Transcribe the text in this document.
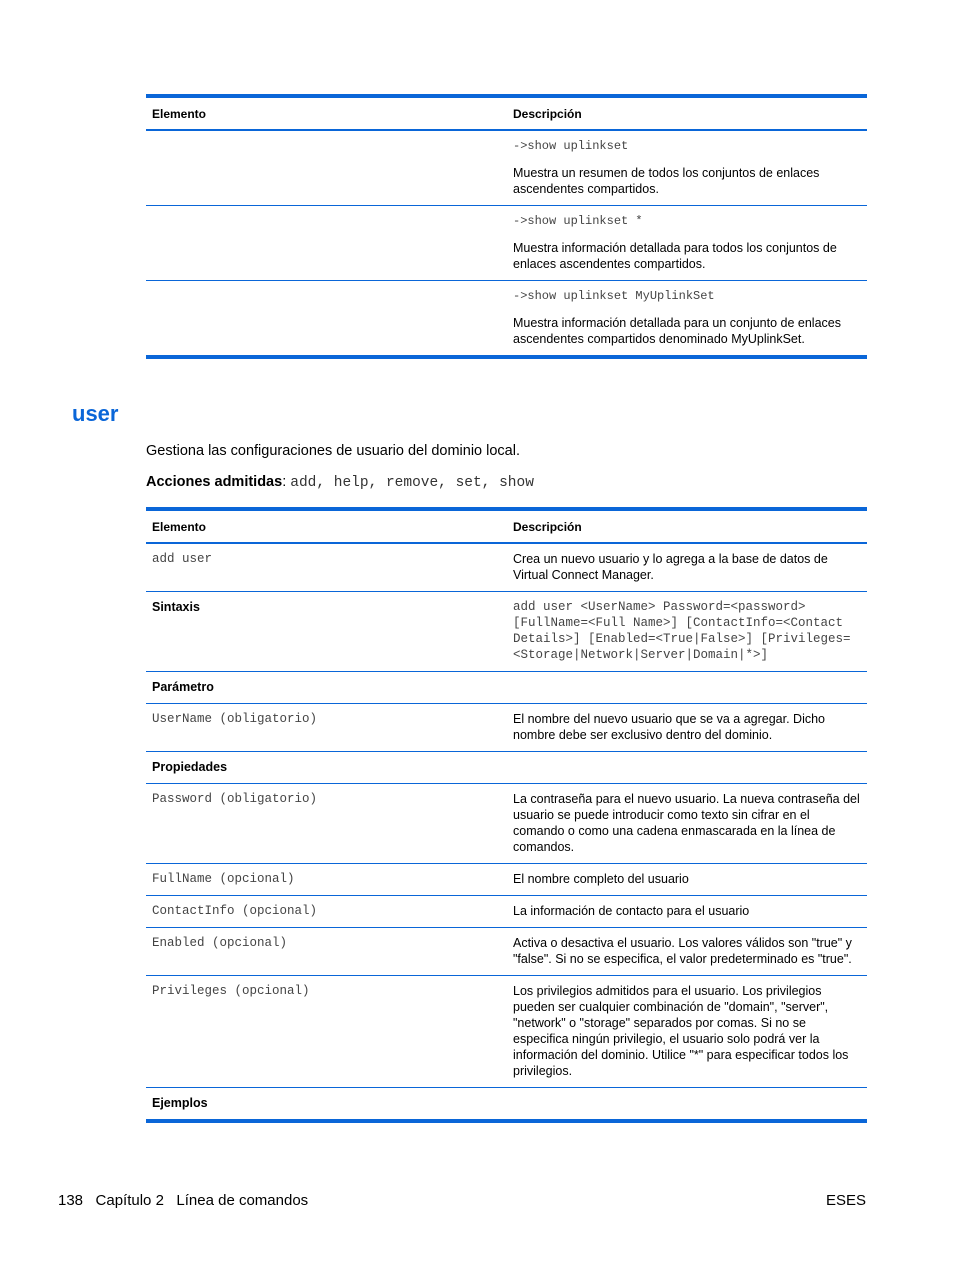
Elemento	Descripción

	->show uplinkset
Muestra un resumen de todos los conjuntos de enlaces ascendentes compartidos.

	->show uplinkset *
Muestra información detallada para todos los conjuntos de enlaces ascendentes compartidos.

	->show uplinkset MyUplinkSet
Muestra información detallada para un conjunto de enlaces ascendentes compartidos denominado MyUplinkSet.
user
Gestiona las configuraciones de usuario del dominio local.
Acciones admitidas: add, help, remove, set, show
Elemento	Descripción
add user	Crea un nuevo usuario y lo agrega a la base de datos de Virtual Connect Manager.
Sintaxis	add user <UserName> Password=<password> [FullName=<Full Name>] [ContactInfo=<Contact Details>] [Enabled=<True|False>] [Privileges=<Storage|Network|Server|Domain|*>]
Parámetro	
UserName (obligatorio)	El nombre del nuevo usuario que se va a agregar. Dicho nombre debe ser exclusivo dentro del dominio.
Propiedades	
Password (obligatorio)	La contraseña para el nuevo usuario. La nueva contraseña del usuario se puede introducir como texto sin cifrar en el comando o como una cadena enmascarada en la línea de comandos.
FullName (opcional)	El nombre completo del usuario
ContactInfo (opcional)	La información de contacto para el usuario
Enabled (opcional)	Activa o desactiva el usuario. Los valores válidos son "true" y "false". Si no se especifica, el valor predeterminado es "true".
Privileges (opcional)	Los privilegios admitidos para el usuario. Los privilegios pueden ser cualquier combinación de "domain", "server", "network" o "storage" separados por comas. Si no se especifica ningún privilegio, el usuario solo podrá ver la información del dominio. Utilice "*" para especificar todos los privilegios.
Ejemplos	
138   Capítulo 2   Línea de comandos	ESES
